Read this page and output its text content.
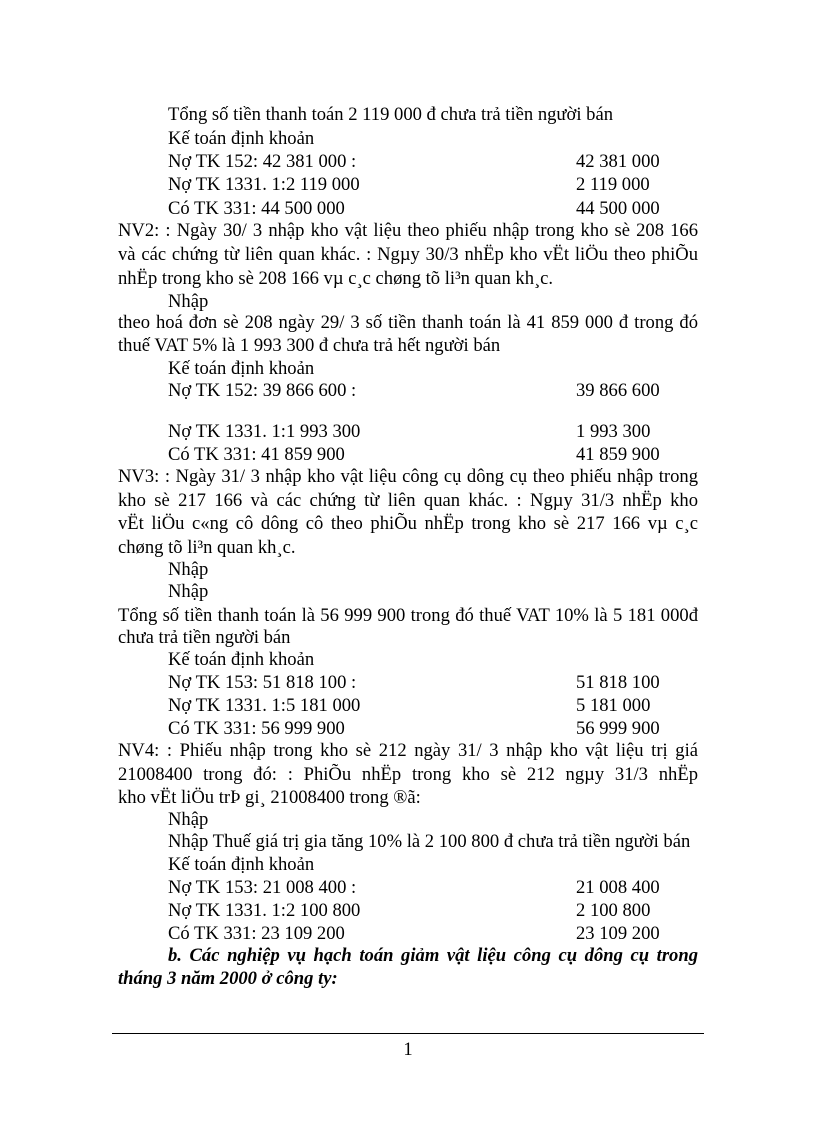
Tổng số tiền thanh toán 2 119 000 đ chưa trả tiền người bán

Kế toán định khoản

Nợ TK 152: 42 381 000 :	42 381 000

Nợ TK 1331. 1:2 119 000	2 119 000

Có TK 331: 44 500 000	44 500 000

NV2: : Ngày 30/ 3 nhập kho vật liệu theo phiếu nhập trong kho sè 208 166

và các chứng từ liên quan khác. : Ngµy 30/3 nhËp kho vËt liÖu theo phiÕu

nhËp trong kho sè 208 166 vµ c¸c chøng tõ li³n quan kh¸c.

Nhập

theo hoá đơn sè 208 ngày 29/ 3 số tiền thanh toán là 41 859 000 đ trong đó

thuế VAT 5% là 1 993 300 đ chưa trả hết người bán

Kế toán định khoản

Nợ TK 152: 39 866 600 :	39 866 600

Nợ TK 1331. 1:1 993 300	1 993 300

Có TK 331: 41 859 900	41 859 900

NV3: : Ngày 31/ 3 nhập kho vật liệu công cụ dông cụ theo phiếu nhập trong

kho sè 217 166 và các chứng từ liên quan khác. : Ngµy 31/3 nhËp kho

vËt liÖu c«ng cô dông cô theo phiÕu nhËp trong kho sè 217 166 vµ c¸c

chøng tõ li³n quan kh¸c.

Nhập

Nhập

Tổng số tiền thanh toán là 56 999 900 trong đó thuế VAT 10% là 5 181 000đ

chưa trả tiền người bán

Kế toán định khoản

Nợ TK 153: 51 818 100 :	51 818 100

Nợ TK 1331. 1:5 181 000	5 181 000

Có TK 331: 56 999 900	56 999 900

NV4: : Phiếu nhập trong kho sè 212 ngày 31/ 3 nhập kho vật liệu trị giá

21008400 trong đó: : PhiÕu nhËp trong kho sè 212 ngµy 31/3 nhËp

kho vËt liÖu trÞ gi¸ 21008400 trong ®ã:

Nhập

Nhập Thuế giá trị gia tăng 10% là 2 100 800 đ chưa trả tiền người bán

Kế toán định khoản

Nợ TK 153: 21 008 400 :	21 008 400

Nợ TK 1331. 1:2 100 800	2 100 800

Có TK 331: 23 109 200	23 109 200

b. Các nghiệp vụ hạch toán giảm vật liệu công cụ dông cụ trong

tháng 3 năm 2000 ở công ty:

1
